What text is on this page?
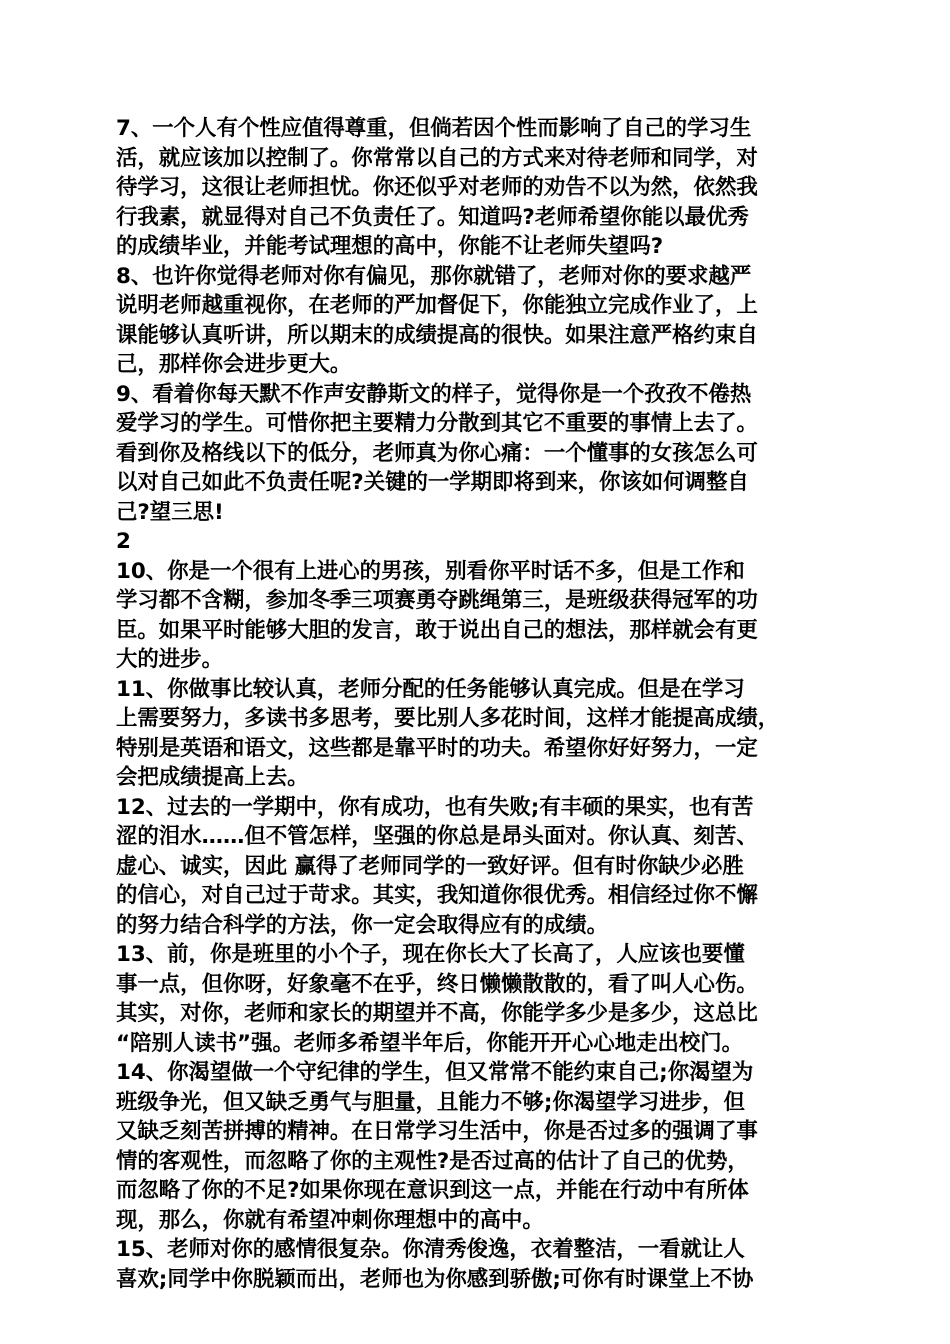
7、一个人有个性应值得尊重，但倘若因个性而影响了自己的学习生
活，就应该加以控制了。你常常以自己的方式来对待老师和同学，对
待学习，这很让老师担忧。你还似乎对老师的劝告不以为然，依然我
行我素，就显得对自己不负责任了。知道吗?老师希望你能以最优秀
的成绩毕业，并能考试理想的高中，你能不让老师失望吗?
8、也许你觉得老师对你有偏见，那你就错了，老师对你的要求越严
说明老师越重视你，在老师的严加督促下，你能独立完成作业了，上
课能够认真听讲，所以期末的成绩提高的很快。如果注意严格约束自
己，那样你会进步更大。
9、看着你每天默不作声安静斯文的样子，觉得你是一个孜孜不倦热
爱学习的学生。可惜你把主要精力分散到其它不重要的事情上去了。
看到你及格线以下的低分，老师真为你心痛：一个懂事的女孩怎么可
以对自己如此不负责任呢?关键的一学期即将到来，你该如何调整自
己?望三思!
2
10、你是一个很有上进心的男孩，别看你平时话不多，但是工作和
学习都不含糊，参加冬季三项赛勇夺跳绳第三，是班级获得冠军的功
臣。如果平时能够大胆的发言，敢于说出自己的想法，那样就会有更
大的进步。
11、你做事比较认真，老师分配的任务能够认真完成。但是在学习
上需要努力，多读书多思考，要比别人多花时间，这样才能提高成绩，
特别是英语和语文，这些都是靠平时的功夫。希望你好好努力，一定
会把成绩提高上去。
12、过去的一学期中，你有成功，也有失败;有丰硕的果实，也有苦
涩的泪水……但不管怎样，坚强的你总是昂头面对。你认真、刻苦、
虚心、诚实，因此 赢得了老师同学的一致好评。但有时你缺少必胜
的信心，对自己过于苛求。其实，我知道你很优秀。相信经过你不懈
的努力结合科学的方法，你一定会取得应有的成绩。
13、前，你是班里的小个子，现在你长大了长高了，人应该也要懂
事一点，但你呀，好象毫不在乎，终日懒懒散散的，看了叫人心伤。
其实，对你，老师和家长的期望并不高，你能学多少是多少，这总比
“陪别人读书”强。老师多希望半年后，你能开开心心地走出校门。
14、你渴望做一个守纪律的学生，但又常常不能约束自己;你渴望为
班级争光，但又缺乏勇气与胆量，且能力不够;你渴望学习进步，但
又缺乏刻苦拼搏的精神。在日常学习生活中，你是否过多的强调了事
情的客观性，而忽略了你的主观性?是否过高的估计了自己的优势，
而忽略了你的不足?如果你现在意识到这一点，并能在行动中有所体
现，那么，你就有希望冲刺你理想中的高中。
15、老师对你的感情很复杂。你清秀俊逸，衣着整洁，一看就让人
喜欢;同学中你脱颖而出，老师也为你感到骄傲;可你有时课堂上不协
